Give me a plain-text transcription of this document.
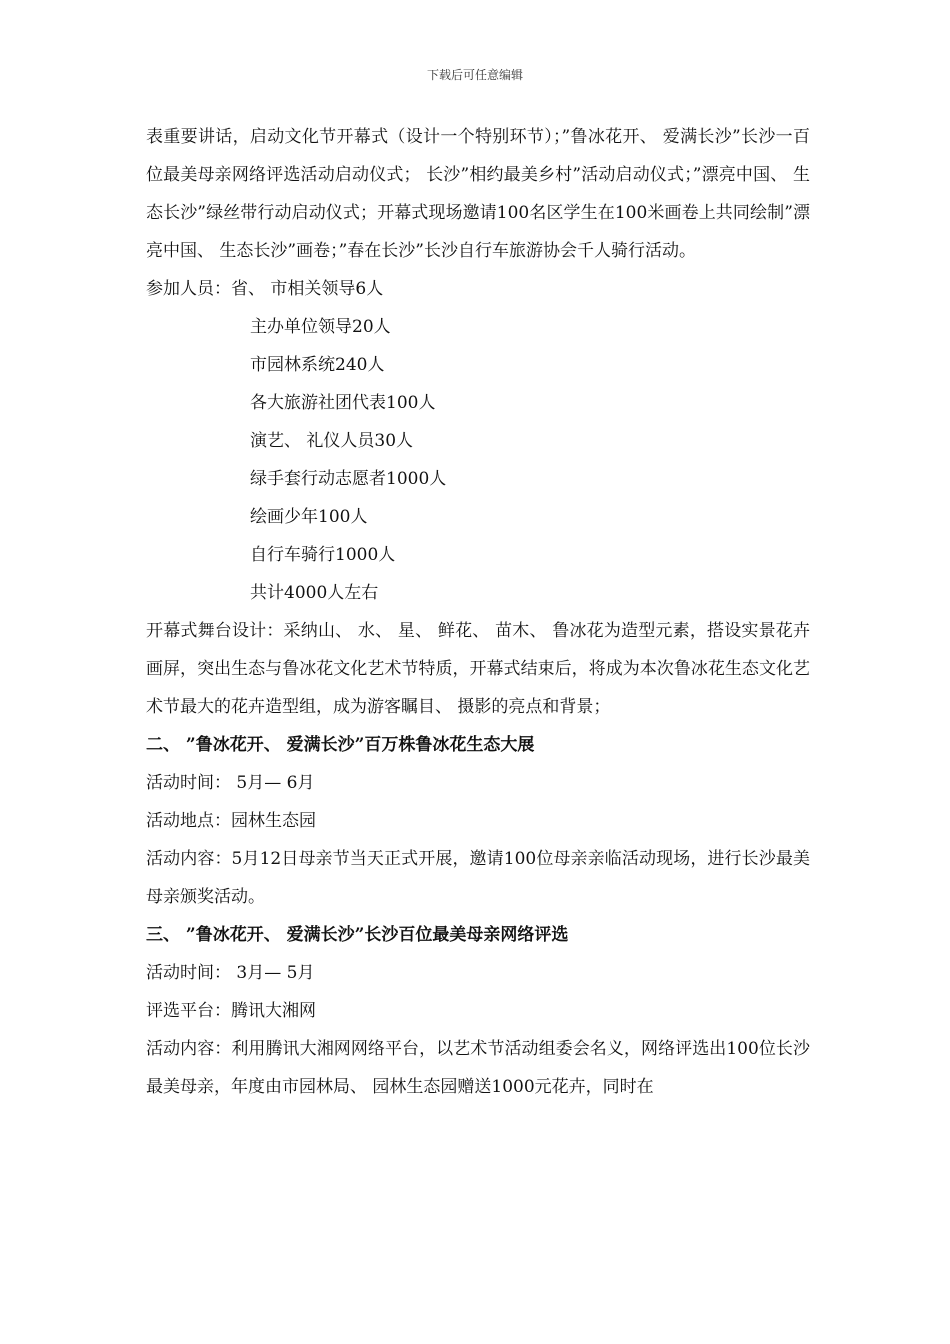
下载后可任意编辑

表重要讲话，启动文化节开幕式（设计一个特别环节）；”鲁冰花开、 爱满长沙”长沙一百位最美母亲网络评选活动启动仪式； 长沙”相约最美乡村”活动启动仪式；”漂亮中国、 生态长沙”绿丝带行动启动仪式；开幕式现场邀请100名区学生在100米画卷上共同绘制”漂亮中国、 生态长沙”画卷；”春在长沙”长沙自行车旅游协会千人骑行活动。

参加人员：省、 市相关领导6人

主办单位领导20人

市园林系统240人

各大旅游社团代表100人

演艺、 礼仪人员30人

绿手套行动志愿者1000人

绘画少年100人

自行车骑行1000人

共计4000人左右

开幕式舞台设计：采纳山、 水、 星、 鲜花、 苗木、 鲁冰花为造型元素，搭设实景花卉画屏，突出生态与鲁冰花文化艺术节特质，开幕式结束后，将成为本次鲁冰花生态文化艺术节最大的花卉造型组，成为游客瞩目、 摄影的亮点和背景；

二、 ”鲁冰花开、 爱满长沙”百万株鲁冰花生态大展

活动时间： 5月— 6月

活动地点：园林生态园

活动内容：5月12日母亲节当天正式开展，邀请100位母亲亲临活动现场，进行长沙最美母亲颁奖活动。

三、 ”鲁冰花开、 爱满长沙”长沙百位最美母亲网络评选

活动时间： 3月— 5月

评选平台：腾讯大湘网

活动内容：利用腾讯大湘网网络平台，以艺术节活动组委会名义，网络评选出100位长沙最美母亲，年度由市园林局、 园林生态园赠送1000元花卉，同时在
